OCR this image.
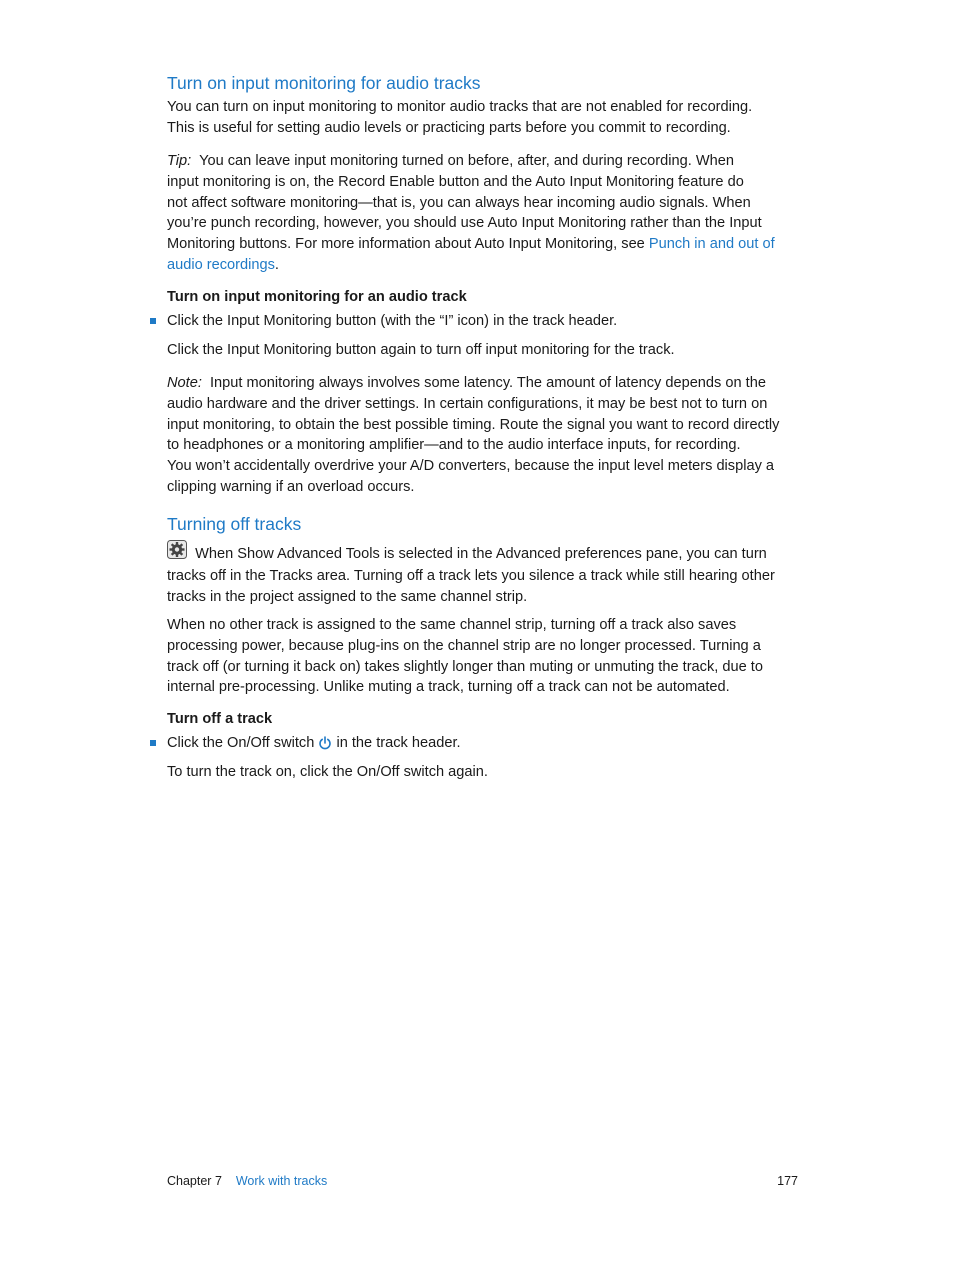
Turn on input monitoring for audio tracks
You can turn on input monitoring to monitor audio tracks that are not enabled for recording.
This is useful for setting audio levels or practicing parts before you commit to recording.
Tip: You can leave input monitoring turned on before, after, and during recording. When
input monitoring is on, the Record Enable button and the Auto Input Monitoring feature do
not affect software monitoring—that is, you can always hear incoming audio signals. When
you’re punch recording, however, you should use Auto Input Monitoring rather than the Input
Monitoring buttons. For more information about Auto Input Monitoring, see Punch in and out of
audio recordings.
Turn on input monitoring for an audio track
Click the Input Monitoring button (with the “I” icon) in the track header.
Click the Input Monitoring button again to turn off input monitoring for the track.
Note: Input monitoring always involves some latency. The amount of latency depends on the
audio hardware and the driver settings. In certain configurations, it may be best not to turn on
input monitoring, to obtain the best possible timing. Route the signal you want to record directly
to headphones or a monitoring amplifier—and to the audio interface inputs, for recording.
You won’t accidentally overdrive your A/D converters, because the input level meters display a
clipping warning if an overload occurs.
Turning off tracks
When Show Advanced Tools is selected in the Advanced preferences pane, you can turn
tracks off in the Tracks area. Turning off a track lets you silence a track while still hearing other
tracks in the project assigned to the same channel strip.
When no other track is assigned to the same channel strip, turning off a track also saves
processing power, because plug-ins on the channel strip are no longer processed. Turning a
track off (or turning it back on) takes slightly longer than muting or unmuting the track, due to
internal pre-processing. Unlike muting a track, turning off a track can not be automated.
Turn off a track
Click the On/Off switch in the track header.
To turn the track on, click the On/Off switch again.
Chapter 7 Work with tracks	177
